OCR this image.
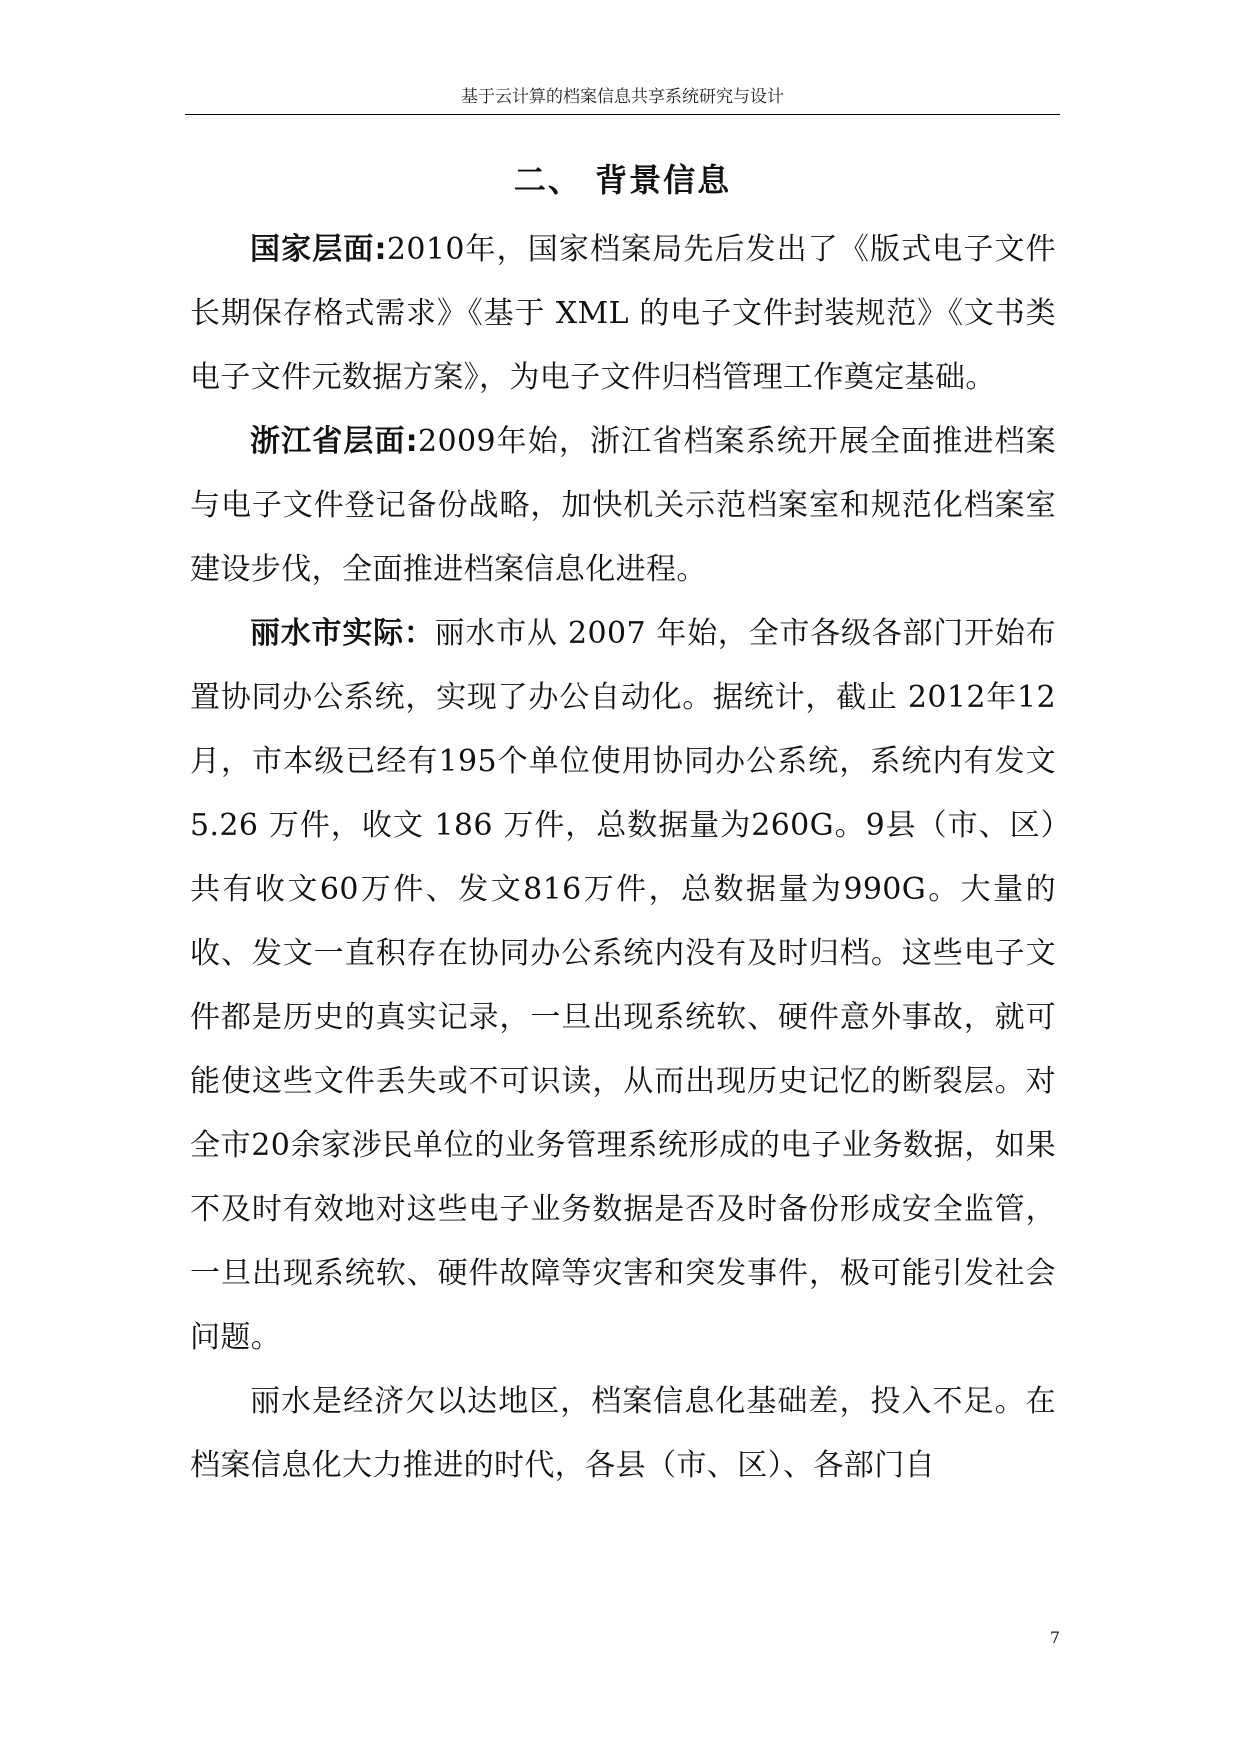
基于云计算的档案信息共享系统研究与设计
二、 背景信息

国家层面:2010年，国家档案局先后发出了《版式电子文件长期保存格式需求》《基于 XML 的电子文件封装规范》《文书类电子文件元数据方案》，为电子文件归档管理工作奠定基础。

浙江省层面:2009年始，浙江省档案系统开展全面推进档案与电子文件登记备份战略，加快机关示范档案室和规范化档案室建设步伐，全面推进档案信息化进程。

丽水市实际：丽水市从 2007 年始，全市各级各部门开始布置协同办公系统，实现了办公自动化。据统计，截止 2012年12月，市本级已经有195个单位使用协同办公系统，系统内有发文 5.26 万件，收文 186 万件，总数据量为260G。9县（市、区）共有收文60万件、发文816万件，总数据量为990G。大量的收、发文一直积存在协同办公系统内没有及时归档。这些电子文件都是历史的真实记录，一旦出现系统软、硬件意外事故，就可能使这些文件丢失或不可识读，从而出现历史记忆的断裂层。对全市20余家涉民单位的业务管理系统形成的电子业务数据，如果不及时有效地对这些电子业务数据是否及时备份形成安全监管，一旦出现系统软、硬件故障等灾害和突发事件，极可能引发社会问题。

丽水是经济欠以达地区，档案信息化基础差，投入不足。在档案信息化大力推进的时代，各县（市、区）、各部门自

7
